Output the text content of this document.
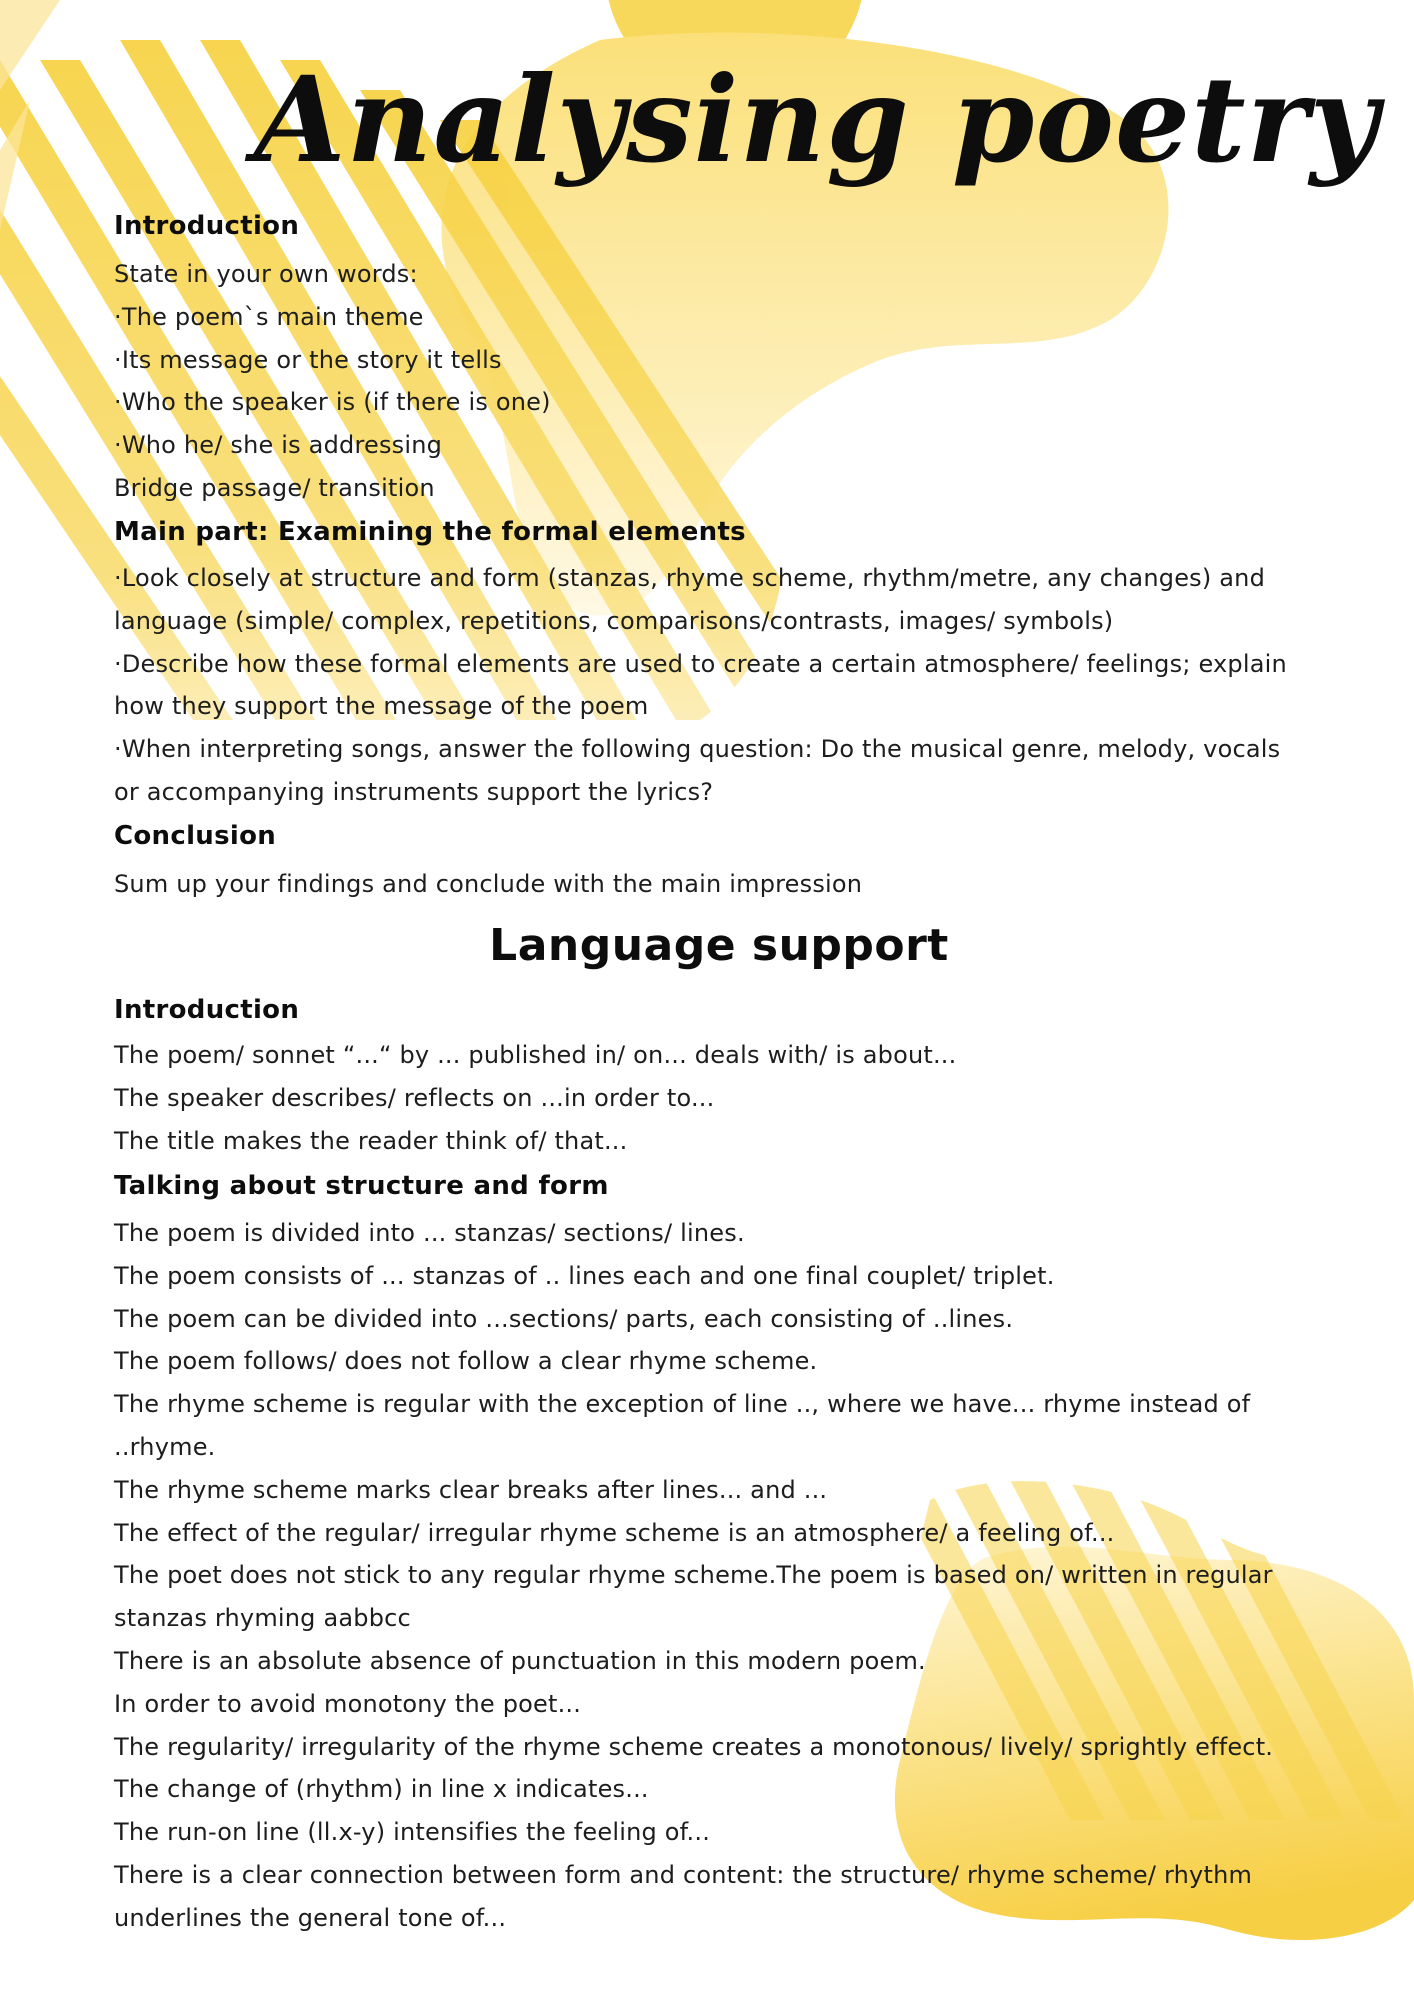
Analysing poetry
Introduction
State in your own words:
·The poem`s main theme
·Its message or the story it tells
·Who the speaker is (if there is one)
·Who he/ she is addressing
Bridge passage/ transition
Main part: Examining the formal elements
·Look closely at structure and form (stanzas, rhyme scheme, rhythm/metre, any changes) and
language (simple/ complex, repetitions, comparisons/contrasts, images/ symbols)
·Describe how these formal elements are used to create a certain atmosphere/ feelings; explain
how they support the message of the poem
·When interpreting songs, answer the following question: Do the musical genre, melody, vocals
or accompanying instruments support the lyrics?
Conclusion
Sum up your findings and conclude with the main impression
Language support
Introduction
The poem/ sonnet “...“ by ... published in/ on... deals with/ is about...
The speaker describes/ reflects on ...in order to...
The title makes the reader think of/ that...
Talking about structure and form
The poem is divided into ... stanzas/ sections/ lines.
The poem consists of ... stanzas of .. lines each and one final couplet/ triplet.
The poem can be divided into ...sections/ parts, each consisting of ..lines.
The poem follows/ does not follow a clear rhyme scheme.
The rhyme scheme is regular with the exception of line .., where we have... rhyme instead of
..rhyme.
The rhyme scheme marks clear breaks after lines... and ...
The effect of the regular/ irregular rhyme scheme is an atmosphere/ a feeling of...
The poet does not stick to any regular rhyme scheme.The poem is based on/ written in regular
stanzas rhyming aabbcc
There is an absolute absence of punctuation in this modern poem.
In order to avoid monotony the poet...
The regularity/ irregularity of the rhyme scheme creates a monotonous/ lively/ sprightly effect.
The change of (rhythm) in line x indicates...
The run-on line (ll.x-y) intensifies the feeling of...
There is a clear connection between form and content: the structure/ rhyme scheme/ rhythm
underlines the general tone of...
